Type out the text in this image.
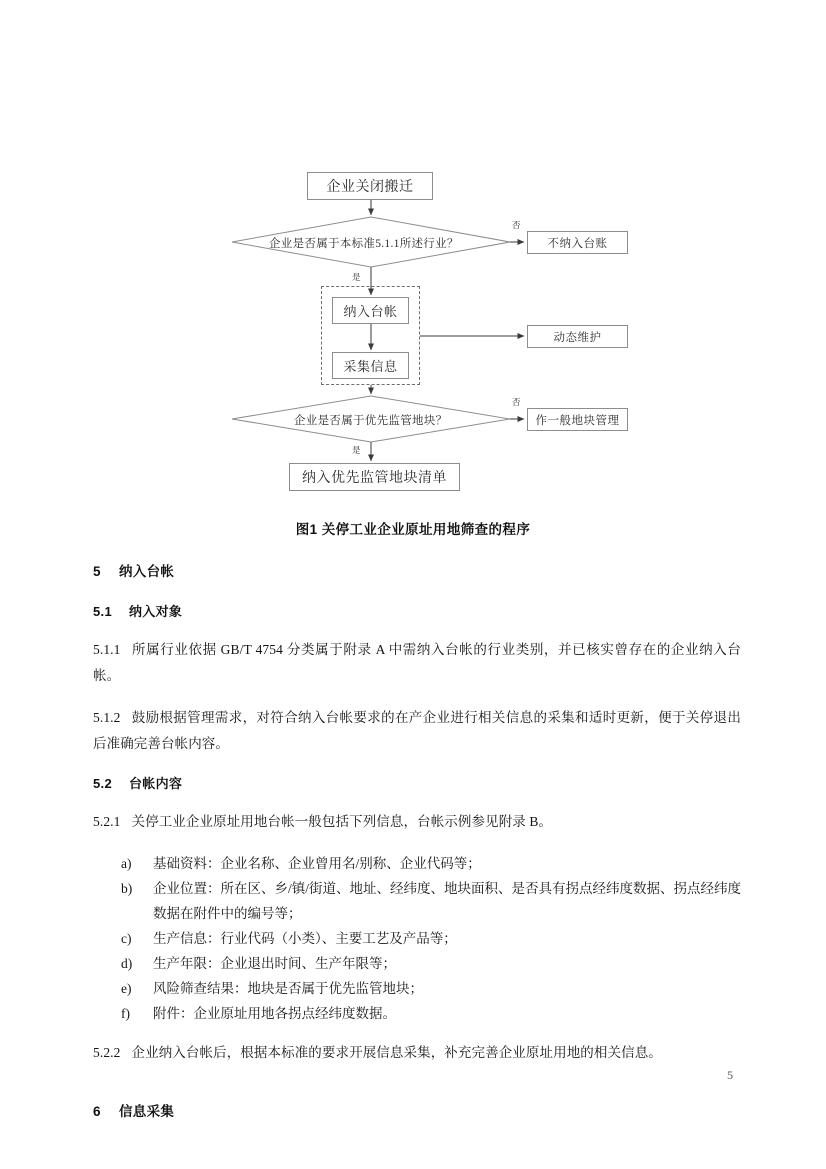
企业关闭搬迁
企业是否属于本标准5.1.1所述行业？	不纳入台账
纳入台帐
采集信息
动态维护
企业是否属于优先监管地块？	作一般地块管理
纳入优先监管地块清单
否
是
否
是
图1 关停工业企业原址用地筛查的程序
5 纳入台帐
5.1 纳入对象

5.1.1 所属行业依据 GB/T 4754 分类属于附录 A 中需纳入台帐的行业类别，并已核实曾存在的企业纳入台帐。

5.1.2 鼓励根据管理需求，对符合纳入台帐要求的在产企业进行相关信息的采集和适时更新，便于关停退出后准确完善台帐内容。

5.2 台帐内容

5.2.1 关停工业企业原址用地台帐一般包括下列信息，台帐示例参见附录 B。

a) 基础资料：企业名称、企业曾用名/别称、企业代码等；
b) 企业位置：所在区、乡/镇/街道、地址、经纬度、地块面积、是否具有拐点经纬度数据、拐点经纬度数据在附件中的编号等；
c) 生产信息：行业代码（小类）、主要工艺及产品等；
d) 生产年限：企业退出时间、生产年限等；
e) 风险筛查结果：地块是否属于优先监管地块；
f) 附件：企业原址用地各拐点经纬度数据。

5.2.2 企业纳入台帐后，根据本标准的要求开展信息采集，补充完善企业原址用地的相关信息。

6 信息采集
5
